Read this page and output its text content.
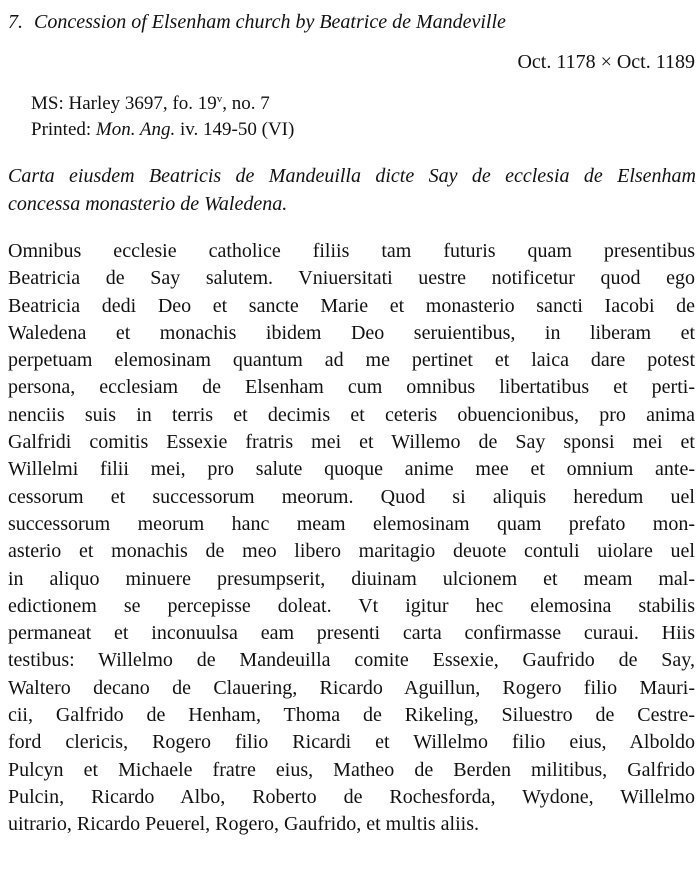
7. Concession of Elsenham church by Beatrice de Mandeville
Oct. 1178 × Oct. 1189
MS: Harley 3697, fo. 19$^v$, no. 7
Printed: Mon. Ang. iv. 149-50 (VI)
Carta eiusdem Beatricis de Mandeuilla dicte Say de ecclesia de Elsenham
concessa monasterio de Waledena.
Omnibus ecclesie catholice filiis tam futuris quam presentibus
Beatricia de Say salutem. Vniuersitati uestre notificetur quod ego
Beatricia dedi Deo et sancte Marie et monasterio sancti Iacobi de
Waledena et monachis ibidem Deo seruientibus, in liberam et
perpetuam elemosinam quantum ad me pertinet et laica dare potest
persona, ecclesiam de Elsenham cum omnibus libertatibus et perti-
nenciis suis in terris et decimis et ceteris obuencionibus, pro anima
Galfridi comitis Essexie fratris mei et Willemo de Say sponsi mei et
Willelmi filii mei, pro salute quoque anime mee et omnium ante-
cessorum et successorum meorum. Quod si aliquis heredum uel
successorum meorum hanc meam elemosinam quam prefato mon-
asterio et monachis de meo libero maritagio deuote contuli uiolare uel
in aliquo minuere presumpserit, diuinam ulcionem et meam mal-
edictionem se percepisse doleat. Vt igitur hec elemosina stabilis
permaneat et inconuulsa eam presenti carta confirmasse curaui. Hiis
testibus: Willelmo de Mandeuilla comite Essexie, Gaufrido de Say,
Waltero decano de Clauering, Ricardo Aguillun, Rogero filio Mauri-
cii, Galfrido de Henham, Thoma de Rikeling, Siluestro de Cestre-
ford clericis, Rogero filio Ricardi et Willelmo filio eius, Alboldo
Pulcyn et Michaele fratre eius, Matheo de Berden militibus, Galfrido
Pulcin, Ricardo Albo, Roberto de Rochesforda, Wydone, Willelmo
uitrario, Ricardo Peuerel, Rogero, Gaufrido, et multis aliis.
